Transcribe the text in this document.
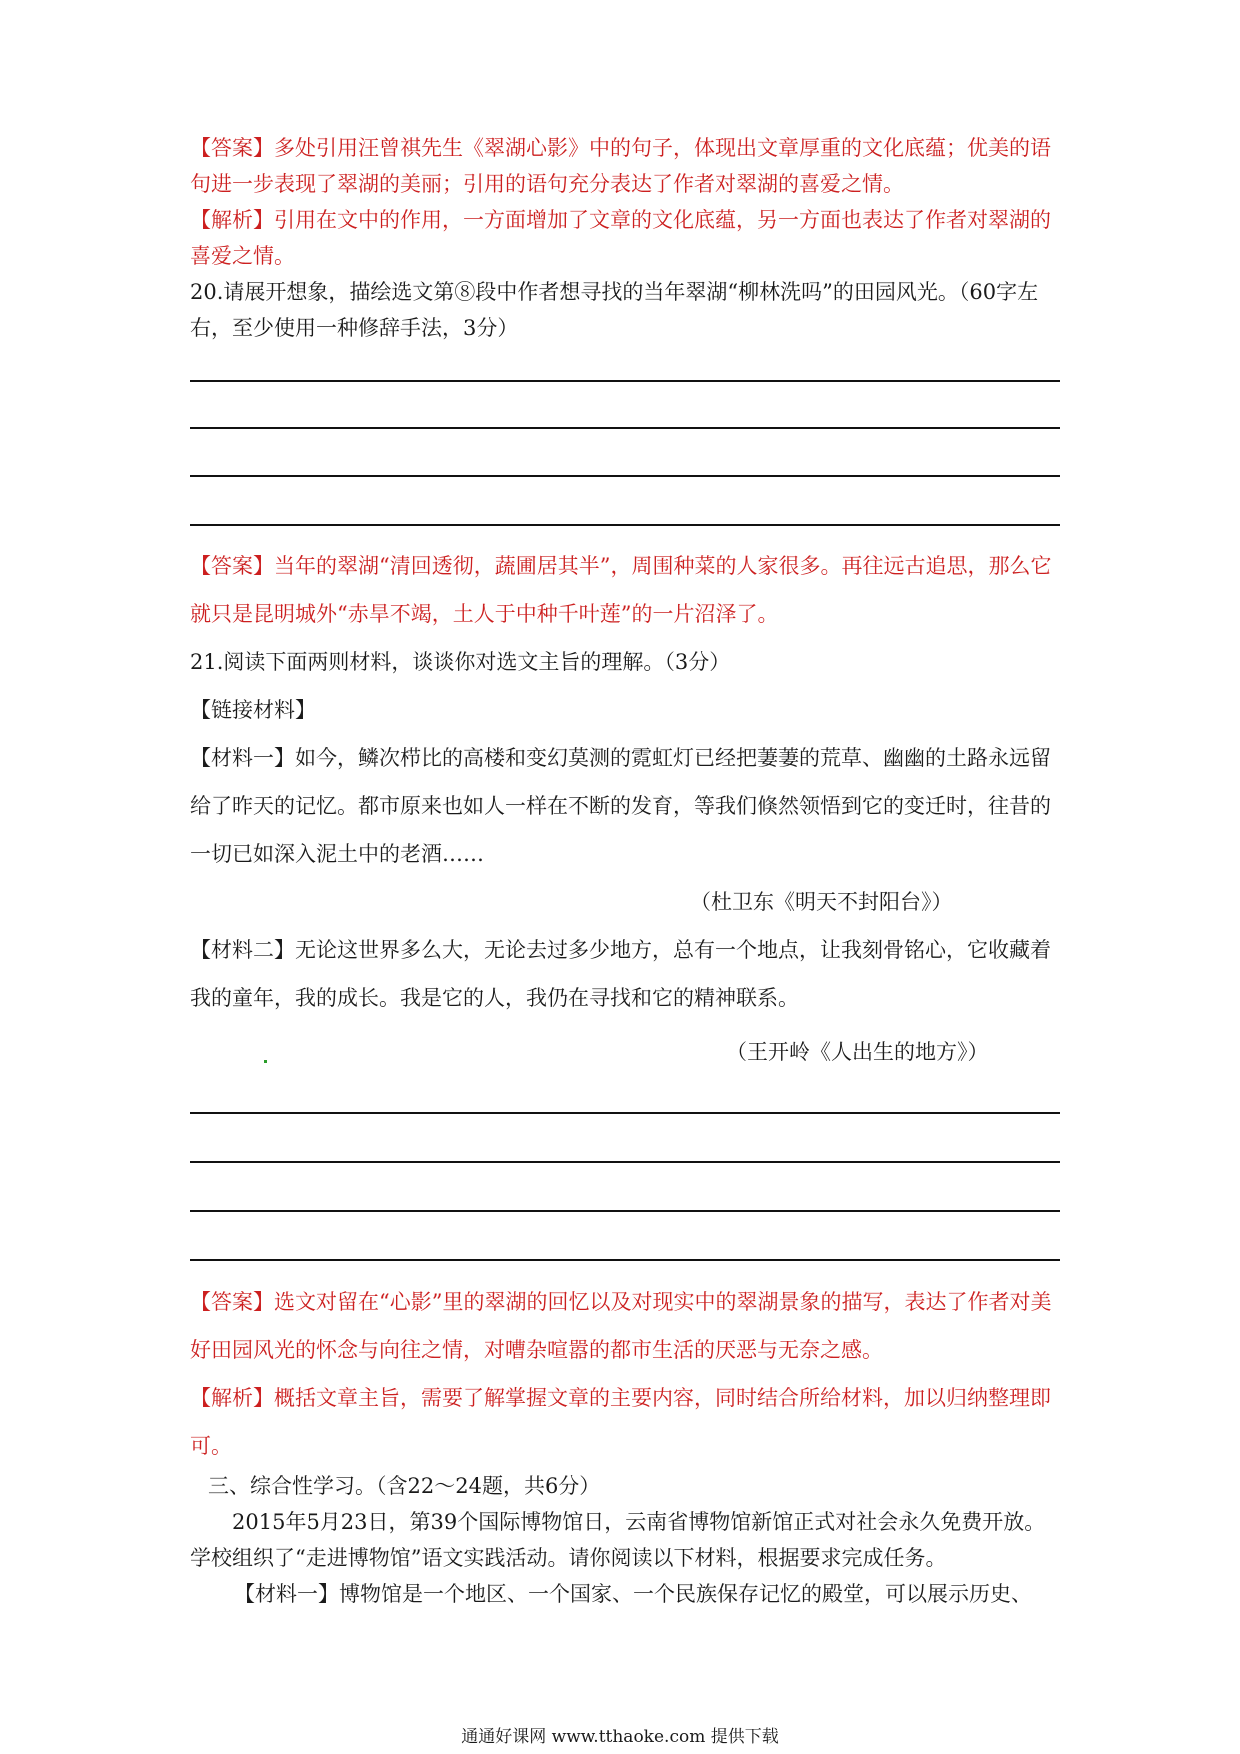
【答案】多处引用汪曾祺先生《翠湖心影》中的句子，体现出文章厚重的文化底蕴；优美的语句进一步表现了翠湖的美丽；引用的语句充分表达了作者对翠湖的喜爱之情。

【解析】引用在文中的作用，一方面增加了文章的文化底蕴，另一方面也表达了作者对翠湖的喜爱之情。

20.请展开想象，描绘选文第⑧段中作者想寻找的当年翠湖“柳林洗吗”的田园风光。（60字左右，至少使用一种修辞手法，3分）

【答案】当年的翠湖“清回透彻，蔬圃居其半”，周围种菜的人家很多。再往远古追思，那么它就只是昆明城外“赤旱不竭，土人于中种千叶莲”的一片沼泽了。

21.阅读下面两则材料，谈谈你对选文主旨的理解。（3分）
【链接材料】

【材料一】如今，鳞次栉比的高楼和变幻莫测的霓虹灯已经把萋萋的荒草、幽幽的土路永远留给了昨天的记忆。都市原来也如人一样在不断的发育，等我们倏然领悟到它的变迁时，往昔的一切已如深入泥土中的老酒……

（杜卫东《明天不封阳台》）

【材料二】无论这世界多么大，无论去过多少地方，总有一个地点，让我刻骨铭心，它收藏着我的童年，我的成长。我是它的人，我仍在寻找和它的精神联系。

（王开岭《人出生的地方》）

【答案】选文对留在“心影”里的翠湖的回忆以及对现实中的翠湖景象的描写，表达了作者对美好田园风光的怀念与向往之情，对嘈杂喧嚣的都市生活的厌恶与无奈之感。

【解析】概括文章主旨，需要了解掌握文章的主要内容，同时结合所给材料，加以归纳整理即可。

三、综合性学习。（含22～24题，共6分）
2015年5月23日，第39个国际博物馆日，云南省博物馆新馆正式对社会永久免费开放。学校组织了“走进博物馆”语文实践活动。请你阅读以下材料，根据要求完成任务。

【材料一】博物馆是一个地区、一个国家、一个民族保存记忆的殿堂，可以展示历史、

通通好课网 www.tthaoke.com 提供下载
